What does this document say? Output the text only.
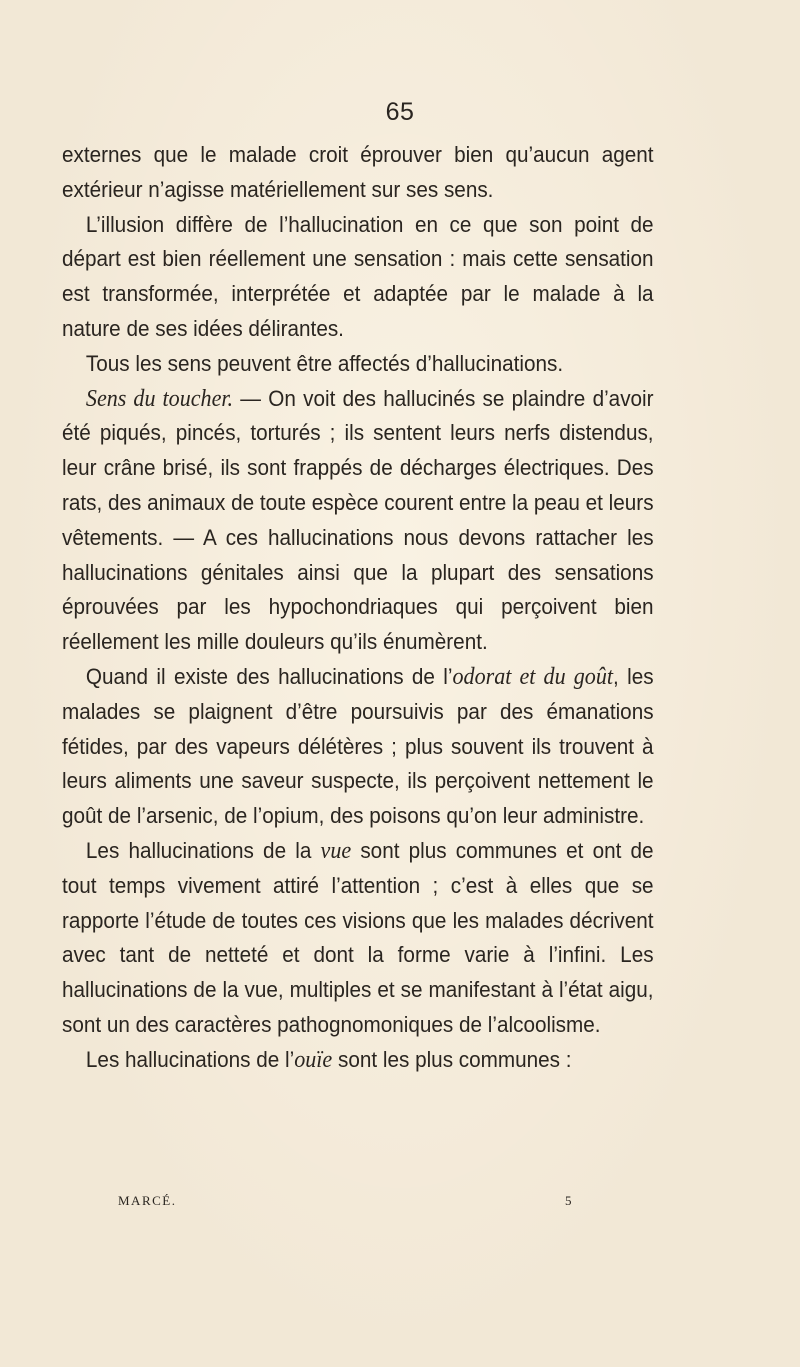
65

externes que le malade croit éprouver bien qu’aucun agent extérieur n’agisse matériellement sur ses sens.

L’illusion diffère de l’hallucination en ce que son point de départ est bien réellement une sensation : mais cette sensation est transformée, interprétée et adaptée par le malade à la nature de ses idées délirantes.

Tous les sens peuvent être affectés d’hallucinations.

Sens du toucher. — On voit des hallucinés se plaindre d’avoir été piqués, pincés, torturés ; ils sentent leurs nerfs distendus, leur crâne brisé, ils sont frappés de décharges électriques. Des rats, des animaux de toute espèce courent entre la peau et leurs vêtements. — A ces hallucinations nous devons rattacher les hallucinations génitales ainsi que la plupart des sensations éprouvées par les hypochondriaques qui perçoivent bien réellement les mille douleurs qu’ils énumèrent.

Quand il existe des hallucinations de l’odorat et du goût, les malades se plaignent d’être poursuivis par des émanations fétides, par des vapeurs délétères ; plus souvent ils trouvent à leurs aliments une saveur suspecte, ils perçoivent nettement le goût de l’arsenic, de l’opium, des poisons qu’on leur administre.

Les hallucinations de la vue sont plus communes et ont de tout temps vivement attiré l’attention ; c’est à elles que se rapporte l’étude de toutes ces visions que les malades décrivent avec tant de netteté et dont la forme varie à l’infini. Les hallucinations de la vue, multiples et se manifestant à l’état aigu, sont un des caractères pathognomoniques de l’alcoolisme.

Les hallucinations de l’ouïe sont les plus communes :

MARCÉ.	5
